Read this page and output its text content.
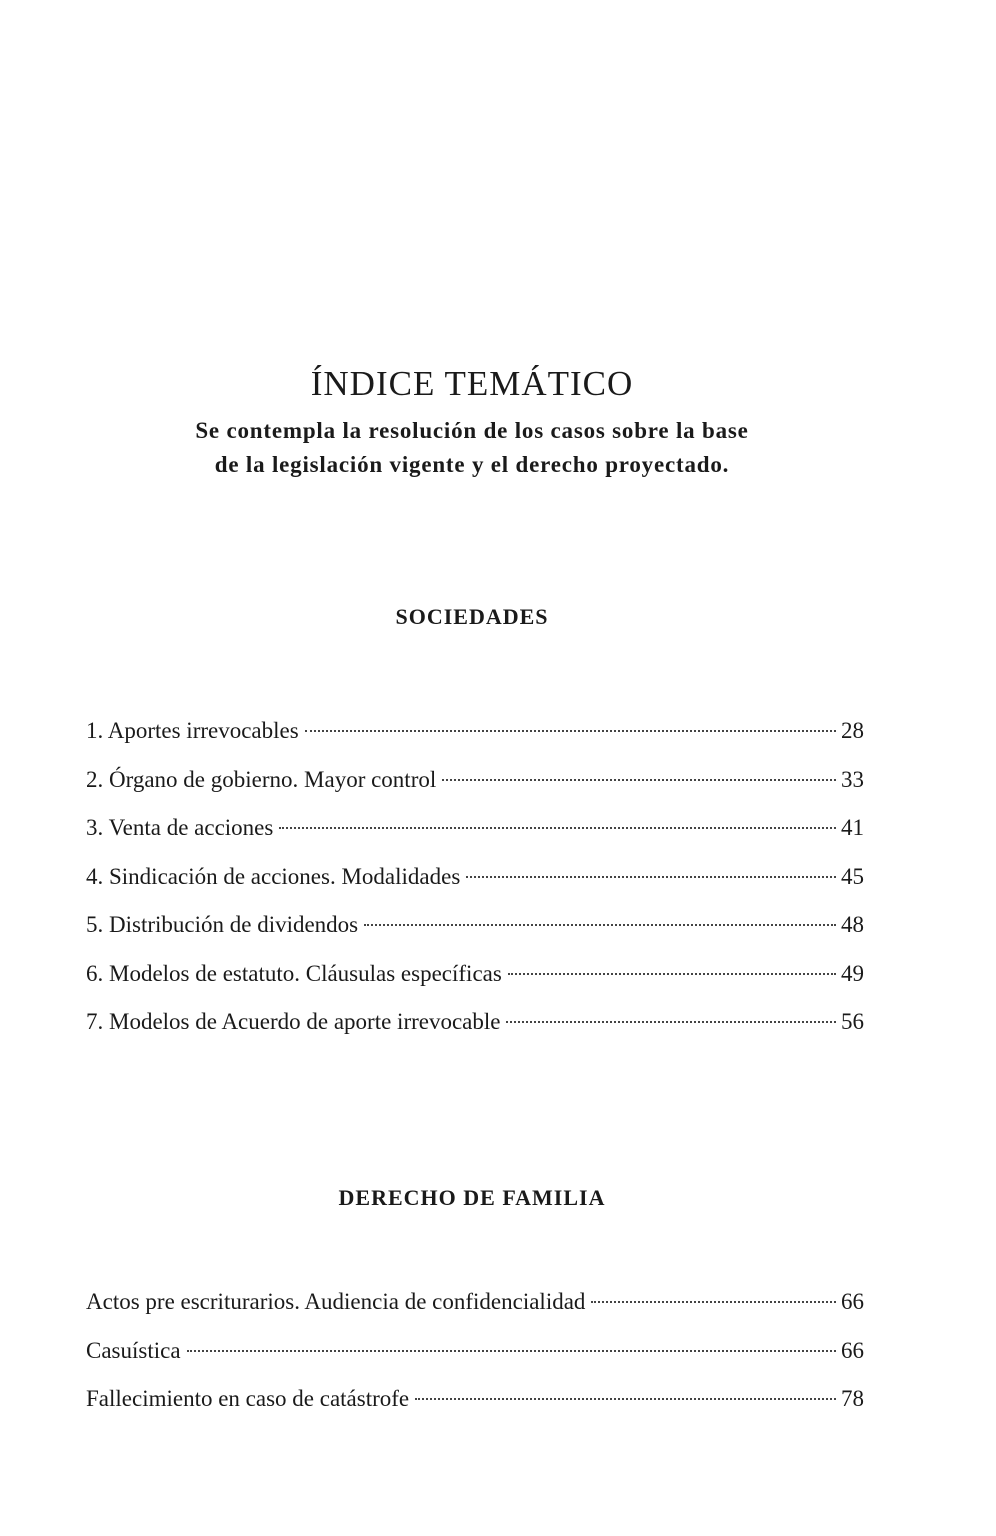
ÍNDICE TEMÁTICO

Se contempla la resolución de los casos sobre la base
de la legislación vigente y el derecho proyectado.

SOCIEDADES
1. Aportes irrevocables	28
2. Órgano de gobierno. Mayor control	33
3. Venta de acciones	41
4. Sindicación de acciones. Modalidades	45
5. Distribución de dividendos	48
6. Modelos de estatuto. Cláusulas específicas	49
7. Modelos de Acuerdo de aporte irrevocable	56
DERECHO DE FAMILIA
Actos pre escriturarios. Audiencia de confidencialidad	66
Casuística	66
Fallecimiento en caso de catástrofe	78
